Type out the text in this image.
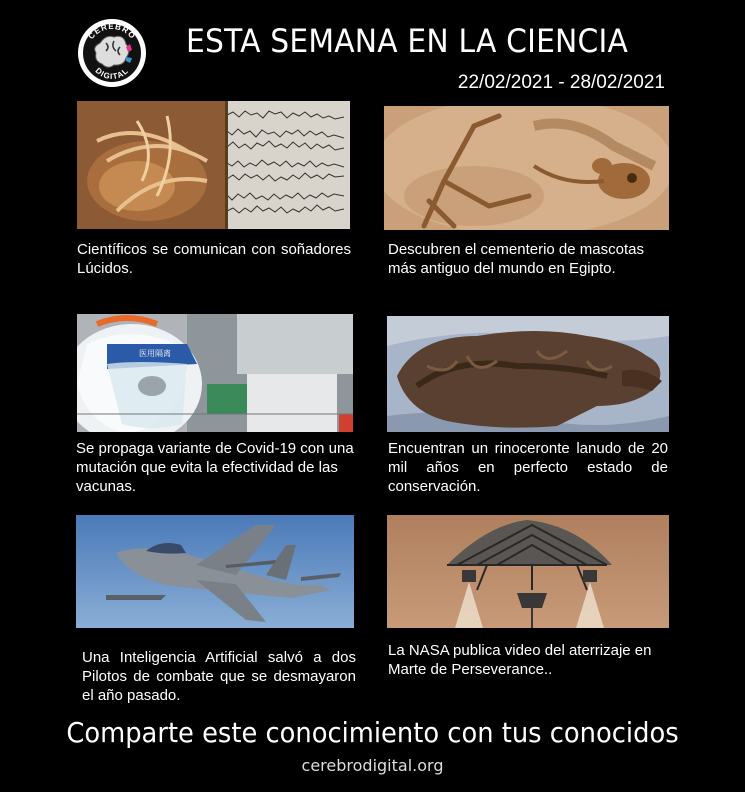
CEREBRO
DIGITAL
ESTA SEMANA EN LA CIENCIA
22/02/2021 - 28/02/2021
Científicos se comunican con soñadores Lúcidos.
Descubren el cementerio de mascotas más antiguo del mundo en Egipto.
医用隔离
Se propaga variante de Covid-19 con una mutación que evita la efectividad de las vacunas.
Encuentran un rinoceronte lanudo de 20 mil años en perfecto estado de conservación.
Una Inteligencia Artificial salvó a dos Pilotos de combate que se desmayaron el año pasado.
La NASA publica video del aterrizaje en Marte de Perseverance..
Comparte este conocimiento con tus conocidos
cerebrodigital.org
